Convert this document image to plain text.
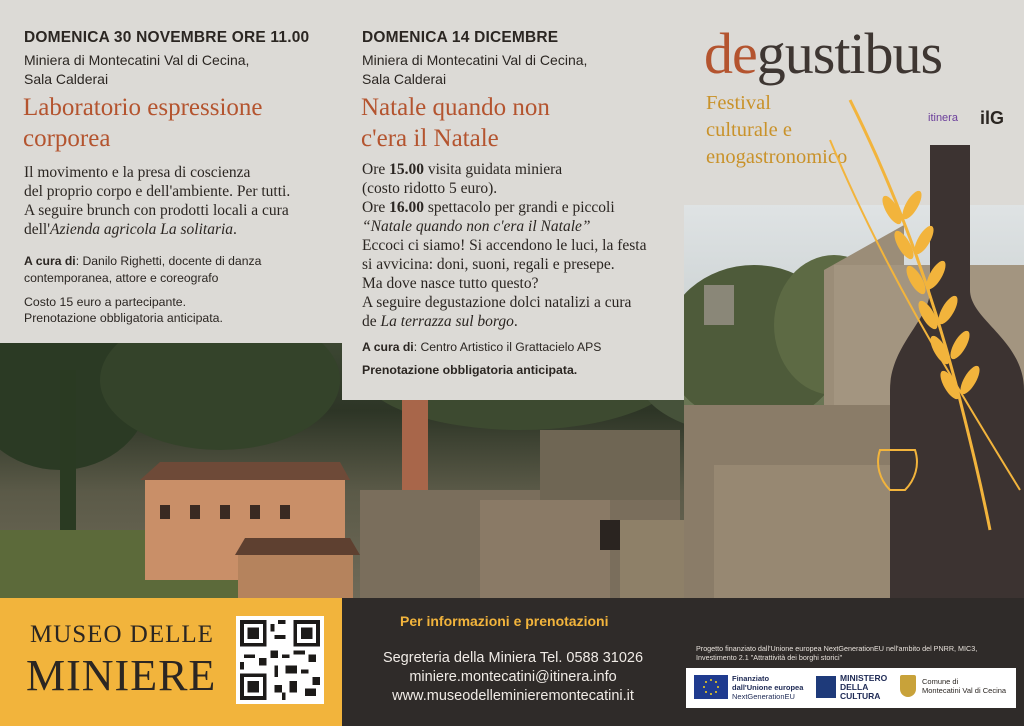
DOMENICA 30 NOVEMBRE ORE 11.00
Miniera di Montecatini Val di Cecina,
Sala Calderai
Laboratorio espressione
corporea
Il movimento e la presa di coscienza
del proprio corpo e dell'ambiente. Per tutti.
A seguire brunch con prodotti locali a cura
dell'Azienda agricola La solitaria.
A cura di: Danilo Righetti, docente di danza
contemporanea, attore e coreografo
Costo 15 euro a partecipante.
Prenotazione obbligatoria anticipata.
DOMENICA 14 DICEMBRE
Miniera di Montecatini Val di Cecina,
Sala Calderai
Natale quando non
c'era il Natale
Ore 15.00 visita guidata miniera
(costo ridotto 5 euro).
Ore 16.00 spettacolo per grandi e piccoli
“Natale quando non c'era il Natale”
Eccoci ci siamo! Si accendono le luci, la festa
si avvicina: doni, suoni, regali e presepe.
Ma dove nasce tutto questo?
A seguire degustazione dolci natalizi a cura
de La terrazza sul borgo.
A cura di: Centro Artistico il Grattacielo APS
Prenotazione obbligatoria anticipata.
degustibus
Festival
culturale e
enogastronomico
itinera ilG
MUSEO DELLE
MINIERE	Segreteria della Miniera Tel. 0588 31026
miniere.montecatini@itinera.info
www.museodelleminieremontecatini.it
Per informazioni e prenotazioni
Progetto finanziato dall'Unione europea NextGenerationEU nell'ambito del PNRR, MIC3, Investimento 2.1 "Attrattività dei borghi storici"
Finanziato
dall'Unione europea
NextGenerationEU
MINISTERO
DELLA
CULTURA
Comune di
Montecatini Val di Cecina
